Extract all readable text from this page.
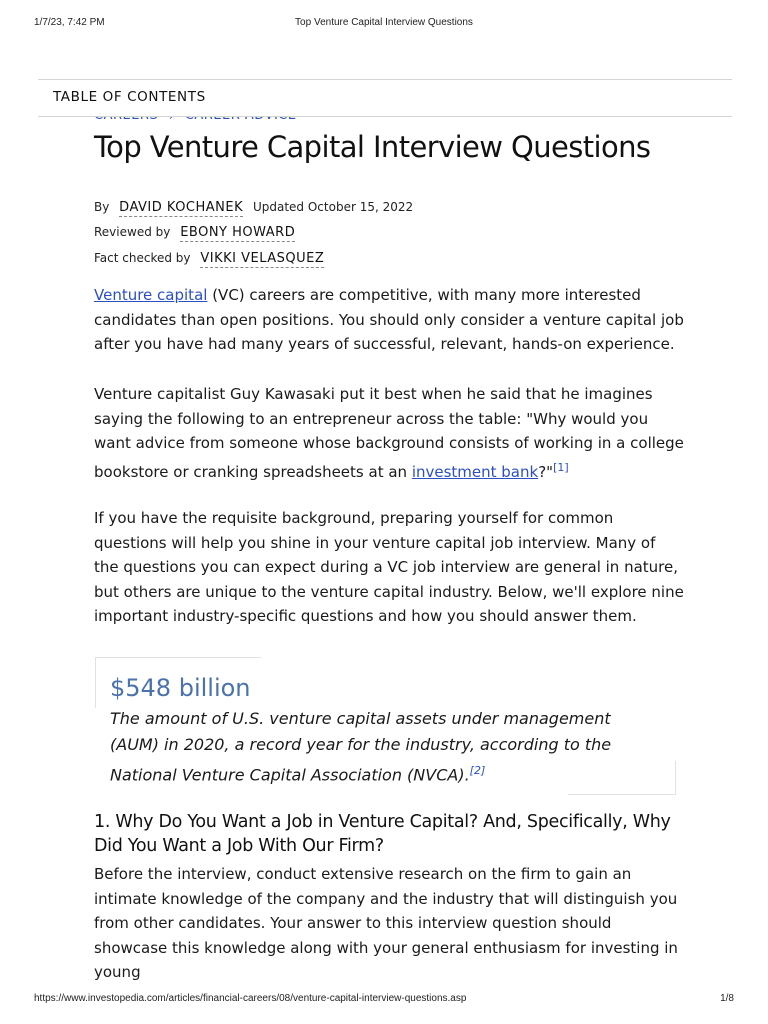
1/7/23, 7:42 PM	Top Venture Capital Interview Questions
TABLE OF CONTENTS
Top Venture Capital Interview Questions
By DAVID KOCHANEK Updated October 15, 2022
Reviewed by EBONY HOWARD
Fact checked by VIKKI VELASQUEZ

Venture capital (VC) careers are competitive, with many more interested candidates than open positions. You should only consider a venture capital job after you have had many years of successful, relevant, hands-on experience.

Venture capitalist Guy Kawasaki put it best when he said that he imagines saying the following to an entrepreneur across the table: "Why would you want advice from someone whose background consists of working in a college bookstore or cranking spreadsheets at an investment bank?"[1]

If you have the requisite background, preparing yourself for common questions will help you shine in your venture capital job interview. Many of the questions you can expect during a VC job interview are general in nature, but others are unique to the venture capital industry. Below, we'll explore nine important industry-specific questions and how you should answer them.

$548 billion

The amount of U.S. venture capital assets under management (AUM) in 2020, a record year for the industry, according to the National Venture Capital Association (NVCA).[2]

1. Why Do You Want a Job in Venture Capital? And, Specifically, Why Did You Want a Job With Our Firm?

Before the interview, conduct extensive research on the firm to gain an intimate knowledge of the company and the industry that will distinguish you from other candidates. Your answer to this interview question should showcase this knowledge along with your general enthusiasm for investing in young

https://www.investopedia.com/articles/financial-careers/08/venture-capital-interview-questions.asp	1/8
